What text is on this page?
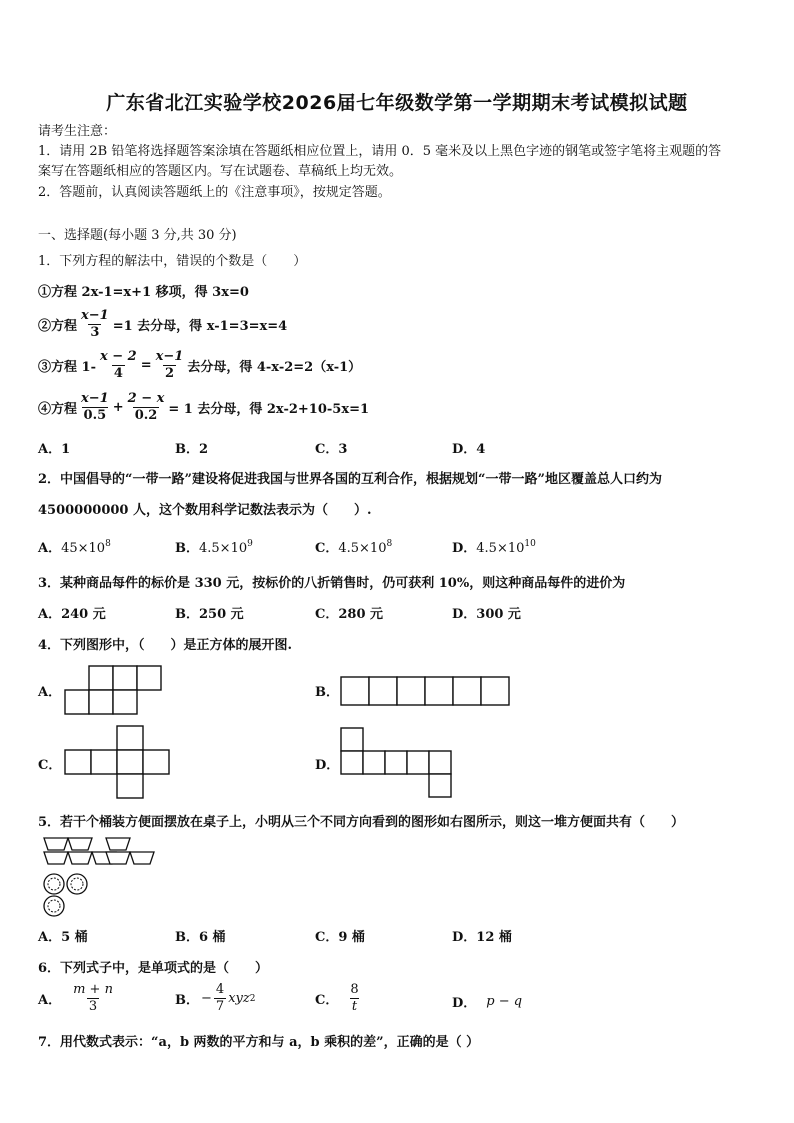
广东省北江实验学校2026届七年级数学第一学期期末考试模拟试题
请考生注意：
1．请用 2B 铅笔将选择题答案涂填在答题纸相应位置上，请用 0．5 毫米及以上黑色字迹的钢笔或签字笔将主观题的答
案写在答题纸相应的答题区内。写在试题卷、草稿纸上均无效。
2．答题前，认真阅读答题纸上的《注意事项》，按规定答题。
一、选择题(每小题 3 分,共 30 分)
1．下列方程的解法中，错误的个数是（　　）
①方程 2x-1=x+1 移项，得 3x=0
②方程 $\frac{x-1}{3} =1$ 去分母，得 x-1=3=x=4
③方程 $1- \frac{x - 2}{4} = \frac{x-1}{2}$ 去分母，得 4-x-2=2（x-1）
④方程 $\frac{x-1}{0.5} + \frac{2 - x}{0.2} = 1$ 去分母，得 2x-2+10-5x=1
A．1	B．2	C．3	D．4
2．中国倡导的“一带一路”建设将促进我国与世界各国的互利合作，根据规划“一带一路”地区覆盖总人口约为
4500000000 人，这个数用科学记数法表示为（　　）.
A．$45\times 10^8$	B．$4.5\times 10^9$	C．$4.5\times 10^8$	D．$4.5\times 10^{10}$
3．某种商品每件的标价是 330 元，按标价的八折销售时，仍可获利 10%，则这种商品每件的进价为
A．240 元	B．250 元	C．280 元	D．300 元
4．下列图形中，（　　）是正方体的展开图.
A．	B．
C．	D．
5．若干个桶装方便面摆放在桌子上，小明从三个不同方向看到的图形如右图所示，则这一堆方便面共有（　　）
A．5 桶	B．6 桶	C．9 桶	D．12 桶
6．下列式子中，是单项式的是（　　）
A． $\frac{m + n}{3}$	B． − $\frac{4}{7}$ xyz 2	C． $\frac{8}{t}$	D． p − q
7．用代数式表示：“a，b 两数的平方和与 a，b 乘积的差”，正确的是（ ）
